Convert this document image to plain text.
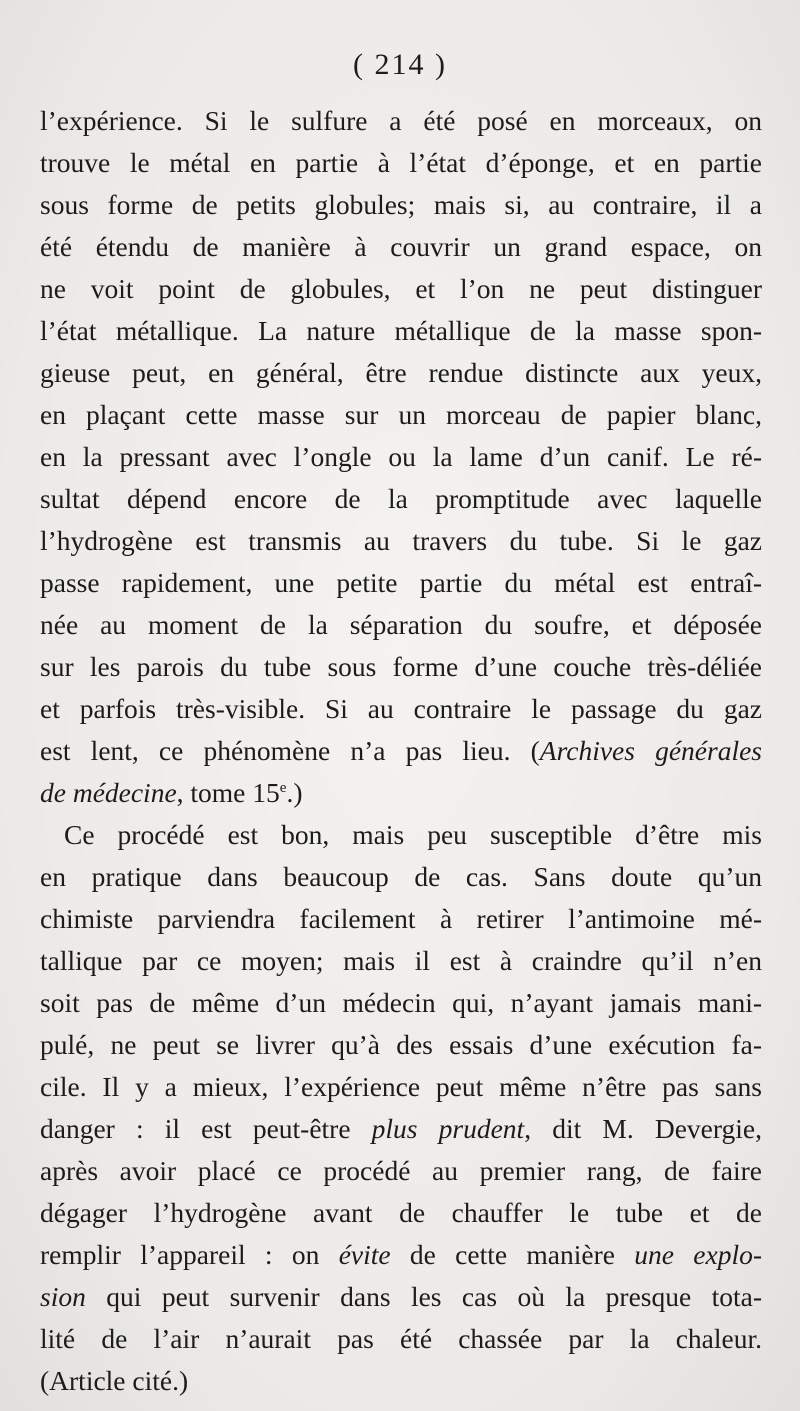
( 214 )
l’expérience. Si le sulfure a été posé en morceaux, on
trouve le métal en partie à l’état d’éponge, et en partie
sous forme de petits globules; mais si, au contraire, il a
été étendu de manière à couvrir un grand espace, on
ne voit point de globules, et l’on ne peut distinguer
l’état métallique. La nature métallique de la masse spon-
gieuse peut, en général, être rendue distincte aux yeux,
en plaçant cette masse sur un morceau de papier blanc,
en la pressant avec l’ongle ou la lame d’un canif. Le ré-
sultat dépend encore de la promptitude avec laquelle
l’hydrogène est transmis au travers du tube. Si le gaz
passe rapidement, une petite partie du métal est entraî-
née au moment de la séparation du soufre, et déposée
sur les parois du tube sous forme d’une couche très-déliée
et parfois très-visible. Si au contraire le passage du gaz
est lent, ce phénomène n’a pas lieu. (Archives générales
de médecine, tome 15e.)
Ce procédé est bon, mais peu susceptible d’être mis
en pratique dans beaucoup de cas. Sans doute qu’un
chimiste parviendra facilement à retirer l’antimoine mé-
tallique par ce moyen; mais il est à craindre qu’il n’en
soit pas de même d’un médecin qui, n’ayant jamais mani-
pulé, ne peut se livrer qu’à des essais d’une exécution fa-
cile. Il y a mieux, l’expérience peut même n’être pas sans
danger : il est peut-être plus prudent, dit M. Devergie,
après avoir placé ce procédé au premier rang, de faire
dégager l’hydrogène avant de chauffer le tube et de
remplir l’appareil : on évite de cette manière une explo-
sion qui peut survenir dans les cas où la presque tota-
lité de l’air n’aurait pas été chassée par la chaleur.
(Article cité.)
